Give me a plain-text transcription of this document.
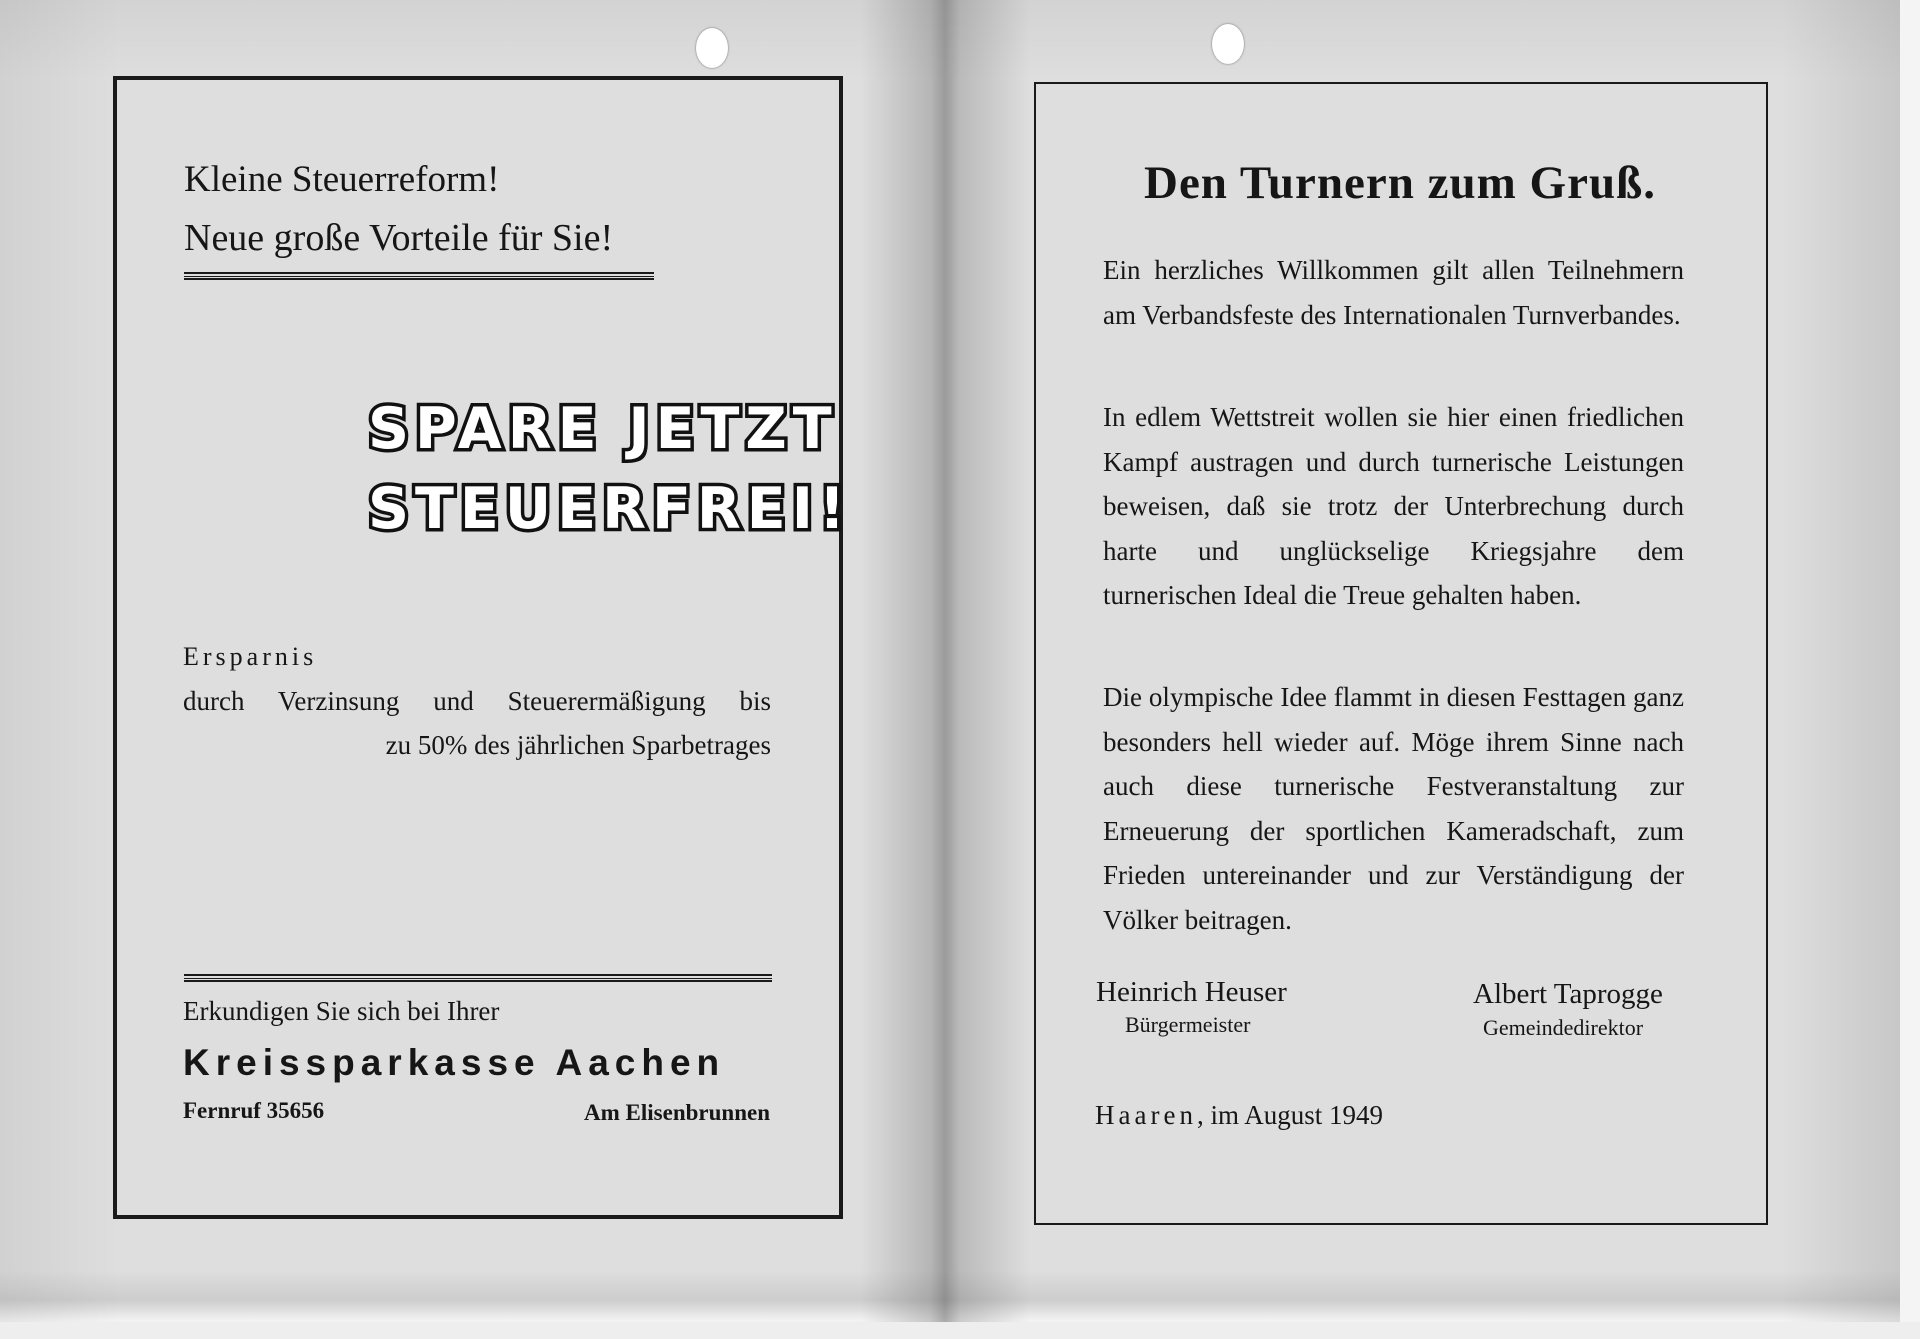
Kleine Steuerreform!
Neue große Vorteile für Sie!
SPARE JETZT
STEUERFREI!
Ersparnis
durch Verzinsung und Steuerermäßigung bis
zu 50% des jährlichen Sparbetrages
Erkundigen Sie sich bei Ihrer
Kreissparkasse Aachen
Fernruf 35656	Am Elisenbrunnen
Den Turnern zum Gruß.
Ein herzliches Willkommen gilt allen Teilnehmern am Verbandsfeste des Internationalen Turnverbandes.
In edlem Wettstreit wollen sie hier einen friedlichen Kampf austragen und durch turnerische Leistungen beweisen, daß sie trotz der Unterbrechung durch harte und unglückselige Kriegsjahre dem turnerischen Ideal die Treue gehalten haben.
Die olympische Idee flammt in diesen Festtagen ganz besonders hell wieder auf. Möge ihrem Sinne nach auch diese turnerische Festveranstaltung zur Erneuerung der sportlichen Kameradschaft, zum Frieden untereinander und zur Verständigung der Völker beitragen.
Heinrich Heuser
Bürgermeister
Albert Taprogge
Gemeindedirektor
Haaren, im August 1949
